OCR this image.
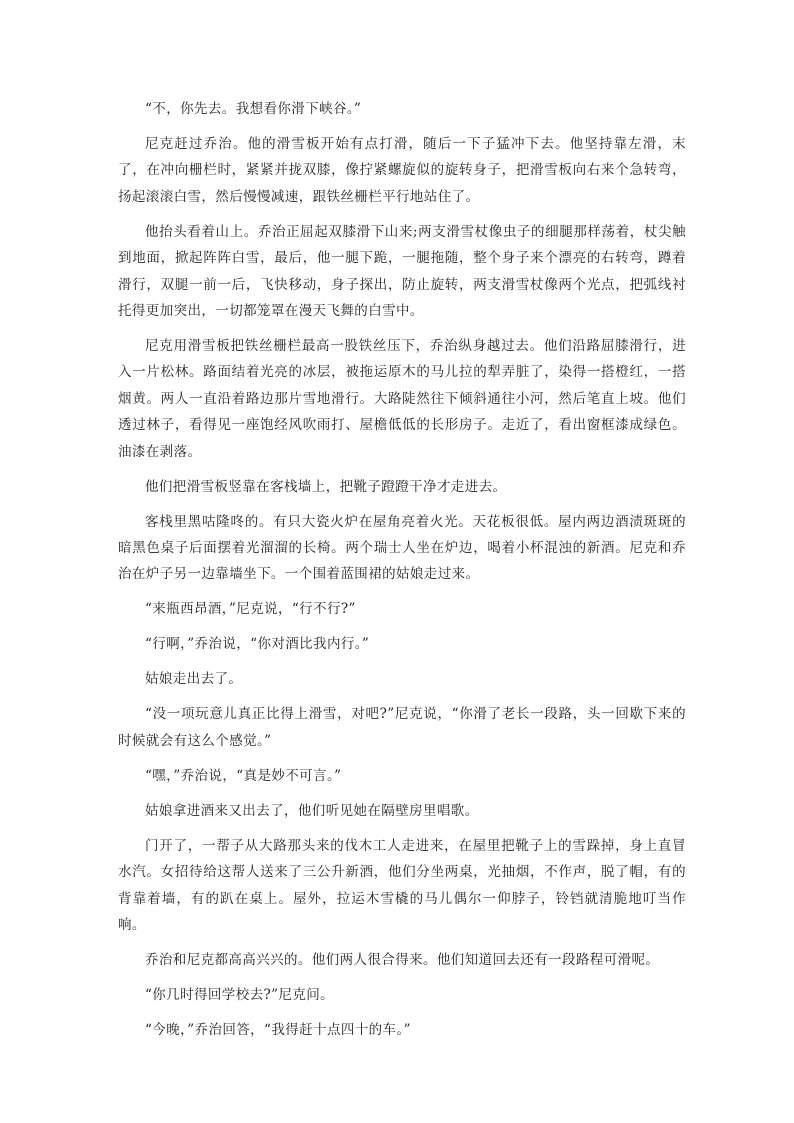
“不，你先去。我想看你滑下峡谷。”

尼克赶过乔治。他的滑雪板开始有点打滑，随后一下子猛冲下去。他坚持靠左滑，末了，在冲向栅栏时，紧紧并拢双膝，像拧紧螺旋似的旋转身子，把滑雪板向右来个急转弯，扬起滚滚白雪，然后慢慢减速，跟铁丝栅栏平行地站住了。

他抬头看着山上。乔治正屈起双膝滑下山来;两支滑雪杖像虫子的细腿那样荡着，杖尖触到地面，掀起阵阵白雪，最后，他一腿下跪，一腿拖随，整个身子来个漂亮的右转弯，蹲着滑行，双腿一前一后，飞快移动，身子探出，防止旋转，两支滑雪杖像两个光点，把弧线衬托得更加突出，一切都笼罩在漫天飞舞的白雪中。

尼克用滑雪板把铁丝栅栏最高一股铁丝压下，乔治纵身越过去。他们沿路屈膝滑行，进入一片松林。路面结着光亮的冰层，被拖运原木的马儿拉的犁弄脏了，染得一搭橙红，一搭烟黄。两人一直沿着路边那片雪地滑行。大路陡然往下倾斜通往小河，然后笔直上坡。他们透过林子，看得见一座饱经风吹雨打、屋檐低低的长形房子。走近了，看出窗框漆成绿色。油漆在剥落。

他们把滑雪板竖靠在客栈墙上，把靴子蹬蹬干净才走进去。

客栈里黑咕隆咚的。有只大瓷火炉在屋角亮着火光。天花板很低。屋内两边酒渍斑斑的暗黑色桌子后面摆着光溜溜的长椅。两个瑞士人坐在炉边，喝着小杯混浊的新酒。尼克和乔治在炉子另一边靠墙坐下。一个围着蓝围裙的姑娘走过来。

“来瓶西昂酒，”尼克说，“行不行?”

“行啊，”乔治说，“你对酒比我内行。”

姑娘走出去了。

“没一项玩意儿真正比得上滑雪，对吧?”尼克说，“你滑了老长一段路，头一回歇下来的时候就会有这么个感觉。”

“嘿，”乔治说，“真是妙不可言。”

姑娘拿进酒来又出去了，他们听见她在隔壁房里唱歌。

门开了，一帮子从大路那头来的伐木工人走进来，在屋里把靴子上的雪跺掉，身上直冒水汽。女招待给这帮人送来了三公升新酒，他们分坐两桌，光抽烟，不作声，脱了帽，有的背靠着墙，有的趴在桌上。屋外，拉运木雪橇的马儿偶尔一仰脖子，铃铛就清脆地叮当作响。

乔治和尼克都高高兴兴的。他们两人很合得来。他们知道回去还有一段路程可滑呢。

“你几时得回学校去?”尼克问。

“今晚，”乔治回答，“我得赶十点四十的车。”
